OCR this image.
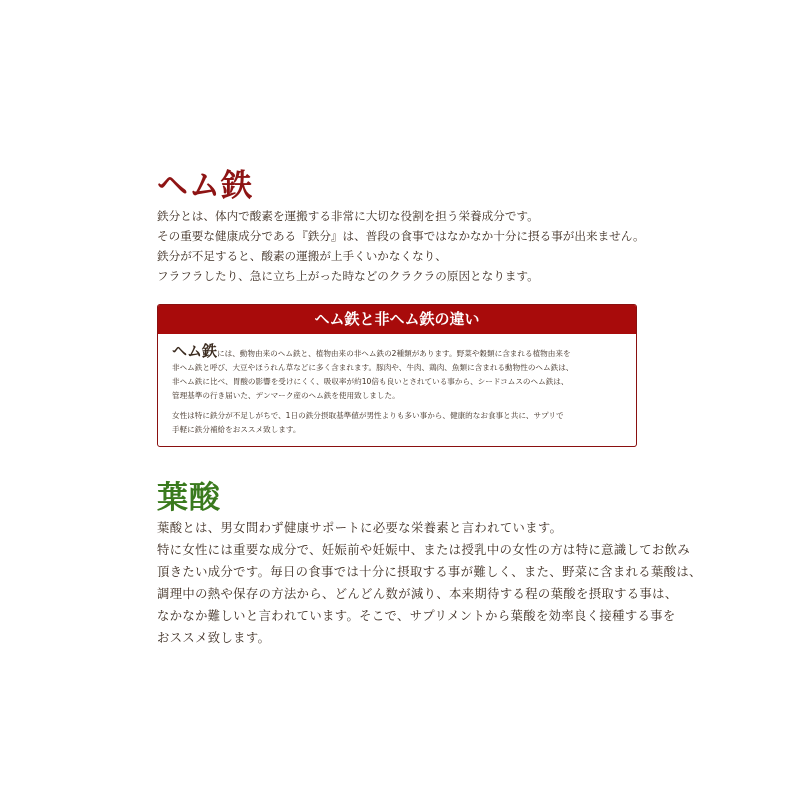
ヘム鉄

鉄分とは、体内で酸素を運搬する非常に大切な役割を担う栄養成分です。

その重要な健康成分である『鉄分』は、普段の食事ではなかなか十分に摂る事が出来ません。

鉄分が不足すると、酸素の運搬が上手くいかなくなり、

フラフラしたり、急に立ち上がった時などのクラクラの原因となります。

ヘム鉄と非ヘム鉄の違い
ヘム鉄には、動物由来のヘム鉄と、植物由来の非ヘム鉄の2種類があります。野菜や穀類に含まれる植物由来を
非ヘム鉄と呼び、大豆やほうれん草などに多く含まれます。豚肉や、牛肉、鶏肉、魚類に含まれる動物性のヘム鉄は、
非ヘム鉄に比べ、胃酸の影響を受けにくく、吸収率が約10倍も良いとされている事から、シードコムスのヘム鉄は、
管理基準の行き届いた、デンマーク産のヘム鉄を使用致しました。
女性は特に鉄分が不足しがちで、1日の鉄分摂取基準値が男性よりも多い事から、健康的なお食事と共に、サプリで
手軽に鉄分補給をおススメ致します。
葉酸

葉酸とは、男女問わず健康サポートに必要な栄養素と言われています。

特に女性には重要な成分で、妊娠前や妊娠中、または授乳中の女性の方は特に意識してお飲み

頂きたい成分です。毎日の食事では十分に摂取する事が難しく、また、野菜に含まれる葉酸は、

調理中の熱や保存の方法から、どんどん数が減り、本来期待する程の葉酸を摂取する事は、

なかなか難しいと言われています。そこで、サプリメントから葉酸を効率良く接種する事を

おススメ致します。
